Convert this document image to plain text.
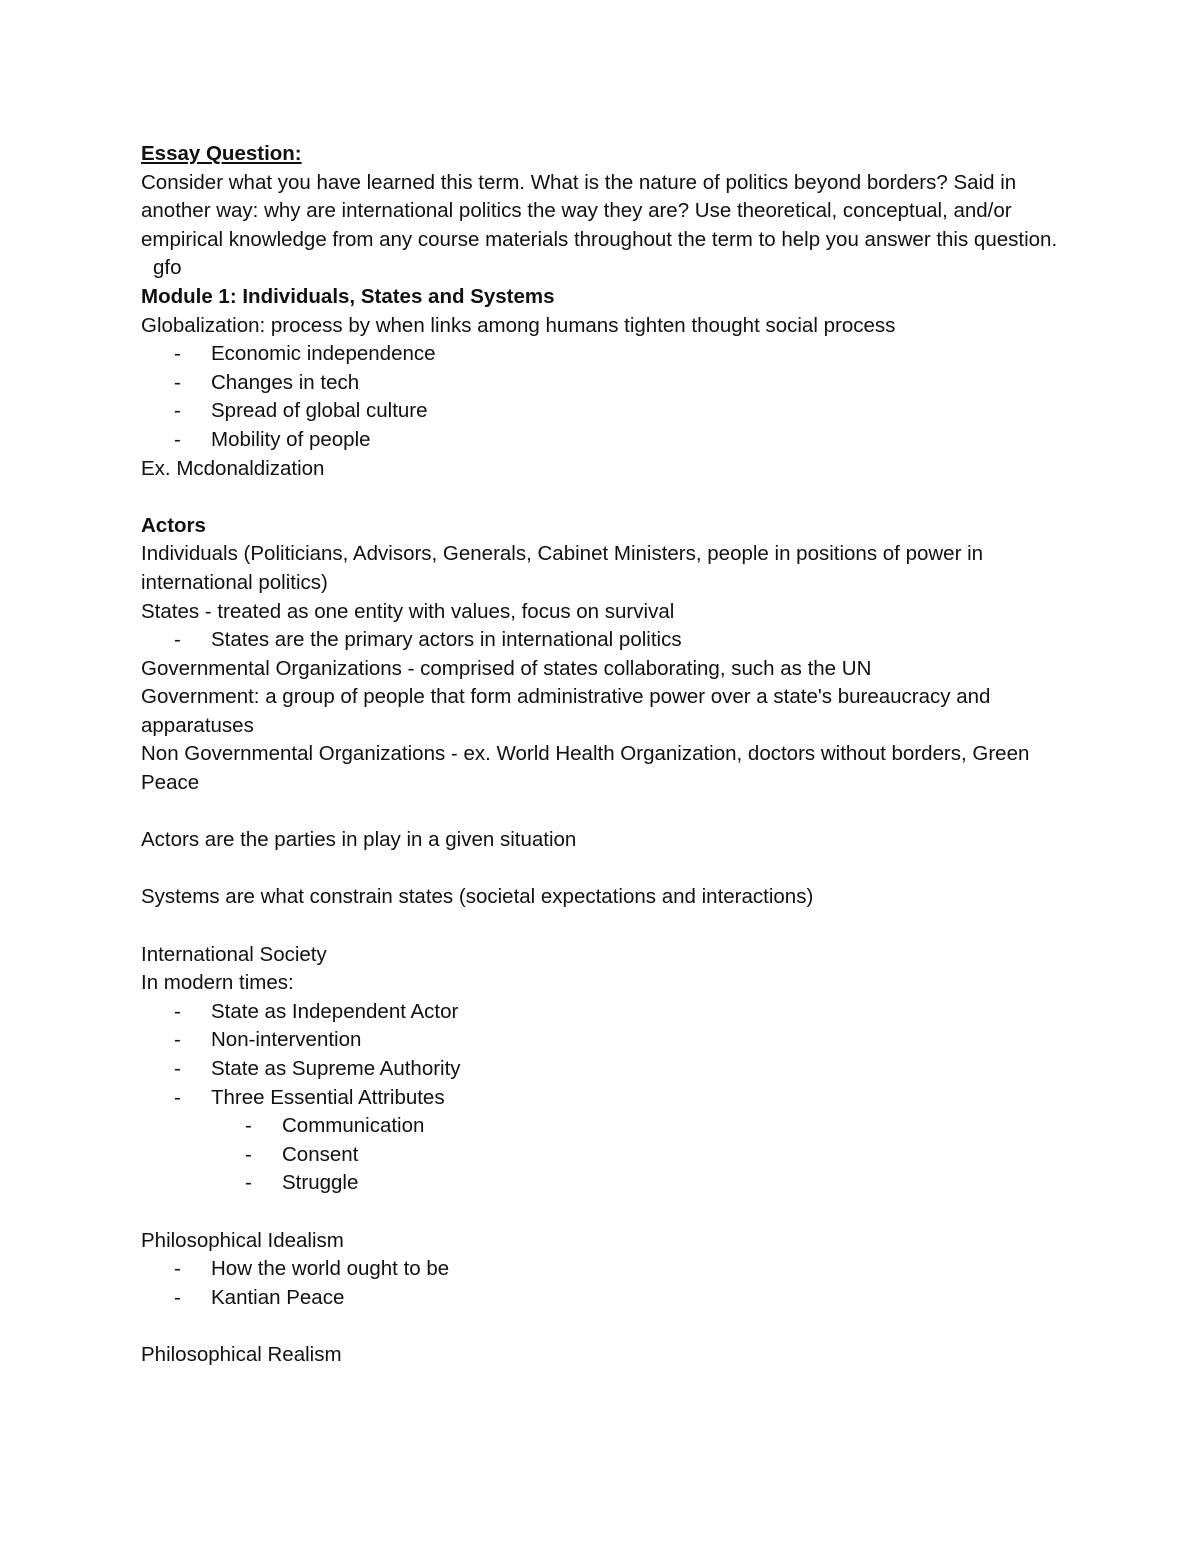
Essay Question:

Consider what you have learned this term. What is the nature of politics beyond borders? Said in another way: why are international politics the way they are? Use theoretical, conceptual, and/or empirical knowledge from any course materials throughout the term to help you answer this question.

gfo

Module 1: Individuals, States and Systems

Globalization: process by when links among humans tighten thought social process

- Economic independence

- Changes in tech

- Spread of global culture

- Mobility of people

Ex. Mcdonaldization

Actors

Individuals (Politicians, Advisors, Generals, Cabinet Ministers, people in positions of power in international politics)

States - treated as one entity with values, focus on survival

- States are the primary actors in international politics

Governmental Organizations - comprised of states collaborating, such as the UN

Government: a group of people that form administrative power over a state's bureaucracy and apparatuses

Non Governmental Organizations - ex. World Health Organization, doctors without borders, Green Peace

Actors are the parties in play in a given situation

Systems are what constrain states (societal expectations and interactions)

International Society

In modern times:

- State as Independent Actor

- Non-intervention

- State as Supreme Authority

- Three Essential Attributes

- Communication

- Consent

- Struggle

Philosophical Idealism

- How the world ought to be

- Kantian Peace

Philosophical Realism
